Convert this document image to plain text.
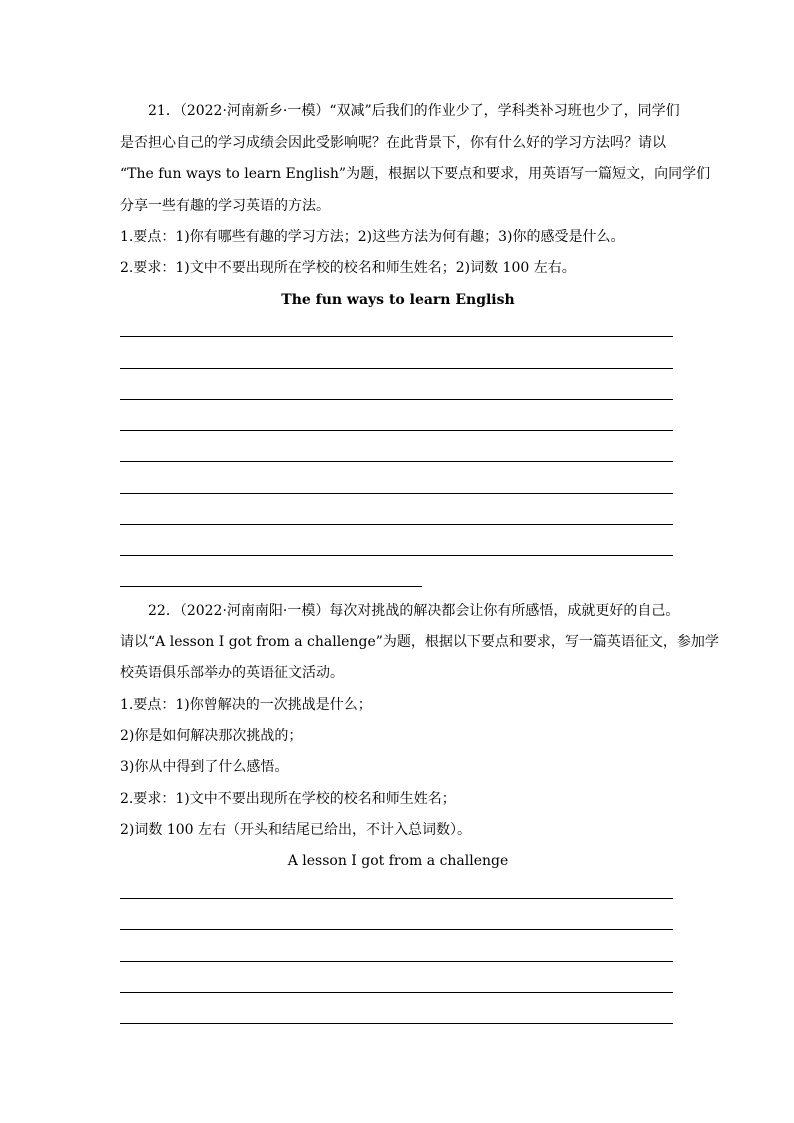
21．（2022·河南新乡·一模）“双减”后我们的作业少了，学科类补习班也少了，同学们
是否担心自己的学习成绩会因此受影响呢？在此背景下，你有什么好的学习方法吗？请以
“The fun ways to learn English”为题，根据以下要点和要求，用英语写一篇短文，向同学们
分享一些有趣的学习英语的方法。
1.要点：1)你有哪些有趣的学习方法；2)这些方法为何有趣；3)你的感受是什么。
2.要求：1)文中不要出现所在学校的校名和师生姓名；2)词数 100 左右。
The fun ways to learn English
22．（2022·河南南阳·一模）每次对挑战的解决都会让你有所感悟，成就更好的自己。
请以“A lesson I got from a challenge”为题，根据以下要点和要求，写一篇英语征文，参加学
校英语俱乐部举办的英语征文活动。
1.要点：1)你曾解决的一次挑战是什么；
2)你是如何解决那次挑战的；
3)你从中得到了什么感悟。
2.要求：1)文中不要出现所在学校的校名和师生姓名；
2)词数 100 左右（开头和结尾已给出，不计入总词数）。
A lesson I got from a challenge
